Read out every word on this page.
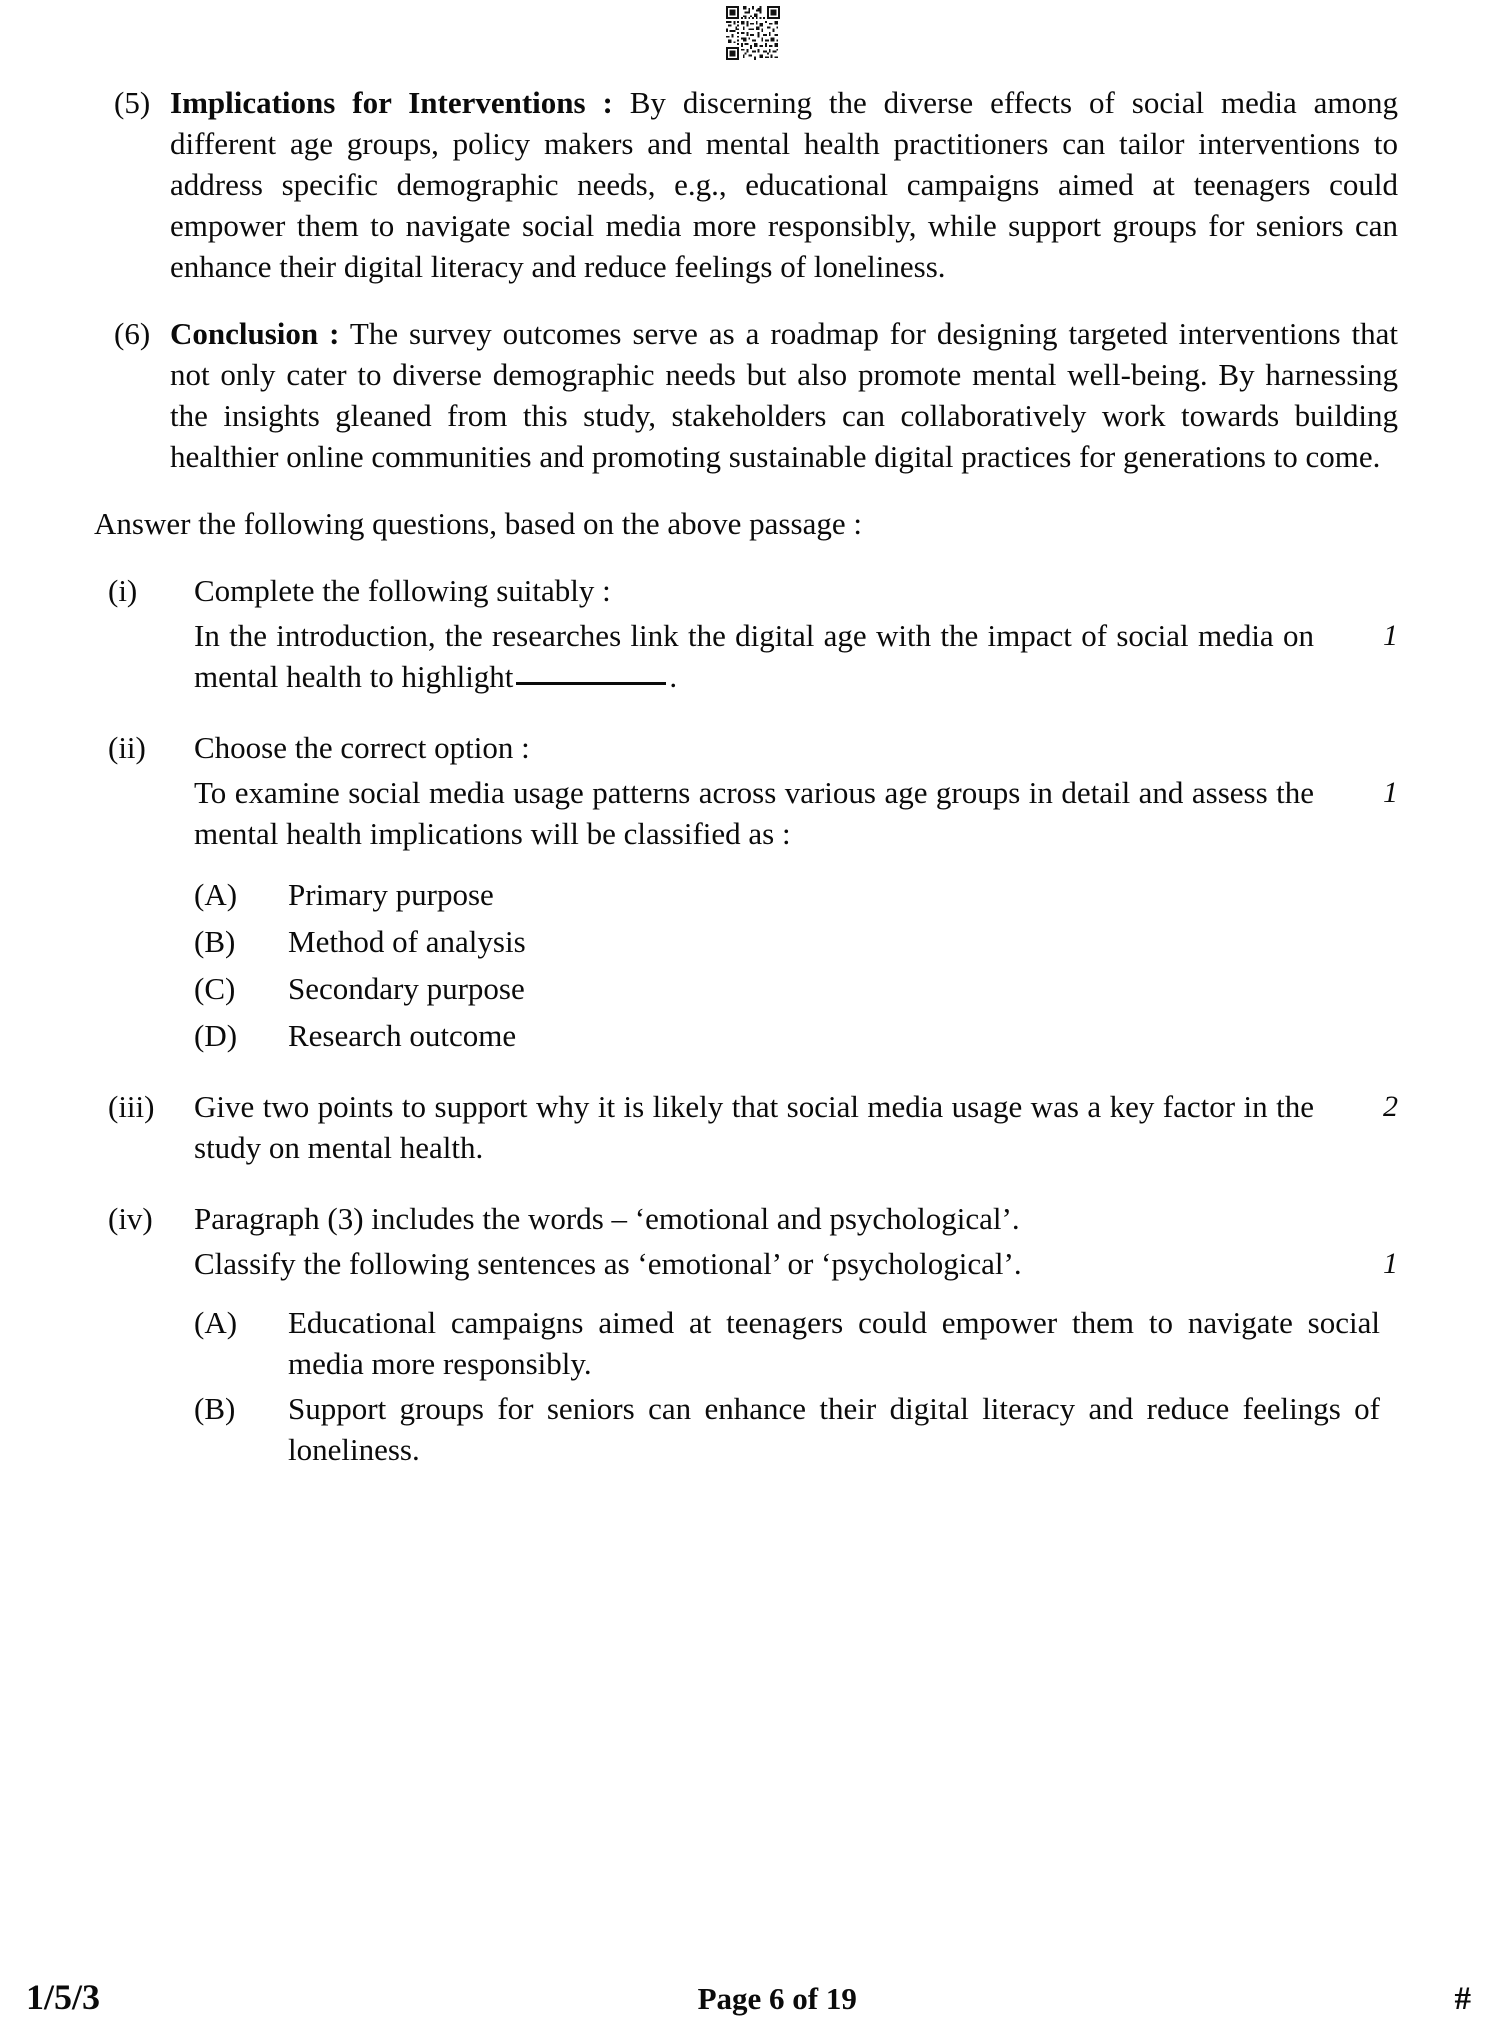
(5) Implications for Interventions : By discerning the diverse effects of social media among different age groups, policy makers and mental health practitioners can tailor interventions to address specific demographic needs, e.g., educational campaigns aimed at teenagers could empower them to navigate social media more responsibly, while support groups for seniors can enhance their digital literacy and reduce feelings of loneliness.
(6) Conclusion : The survey outcomes serve as a roadmap for designing targeted interventions that not only cater to diverse demographic needs but also promote mental well-being. By harnessing the insights gleaned from this study, stakeholders can collaboratively work towards building healthier online communities and promoting sustainable digital practices for generations to come.
Answer the following questions, based on the above passage :
(i)	Complete the following suitably :
In the introduction, the researches link the digital age with the impact of social media on mental health to highlight	.
1
(ii)	Choose the correct option :
To examine social media usage patterns across various age groups in detail and assess the mental health implications will be classified as :
1
(A)	Primary purpose
(B)	Method of analysis
(C)	Secondary purpose
(D)	Research outcome
(iii)	Give two points to support why it is likely that social media usage was a key factor in the study on mental health.
2
(iv)	Paragraph (3) includes the words – ‘emotional and psychological’.
Classify the following sentences as ‘emotional’ or ‘psychological’.	1
(A)	Educational campaigns aimed at teenagers could empower them to navigate social media more responsibly.
(B)	Support groups for seniors can enhance their digital literacy and reduce feelings of loneliness.
1/5/3	Page 6 of 19	#
